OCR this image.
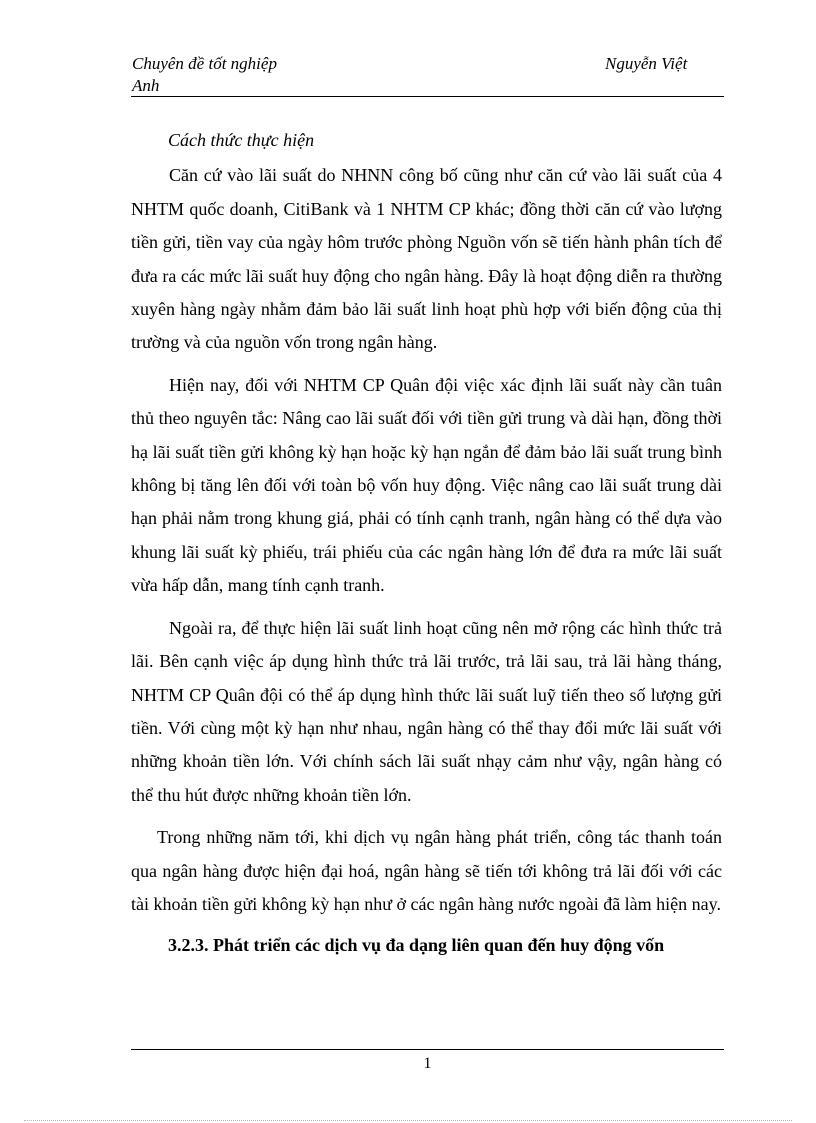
Chuyên đề tốt nghiệp
Anh
Nguyễn Việt

Cách thức thực hiện

Căn cứ vào lãi suất do NHNN công bố cũng như căn cứ vào lãi suất của 4 NHTM quốc doanh, CitiBank và 1 NHTM CP khác; đồng thời căn cứ vào lượng tiền gửi, tiền vay của ngày hôm trước phòng Nguồn vốn sẽ tiến hành phân tích để đưa ra các mức lãi suất huy động cho ngân hàng. Đây là hoạt động diễn ra thường xuyên hàng ngày nhằm đảm bảo lãi suất linh hoạt phù hợp với biến động của thị trường và của nguồn vốn trong ngân hàng.

Hiện nay, đối với NHTM CP Quân đội việc xác định lãi suất này cần tuân thủ theo nguyên tắc: Nâng cao lãi suất đối với tiền gửi trung và dài hạn, đồng thời hạ lãi suất tiền gửi không kỳ hạn hoặc kỳ hạn ngắn để đảm bảo lãi suất trung bình không bị tăng lên đối với toàn bộ vốn huy động. Việc nâng cao lãi suất trung dài hạn phải nằm trong khung giá, phải có tính cạnh tranh, ngân hàng có thể dựa vào khung lãi suất kỳ phiếu, trái phiếu của các ngân hàng lớn để đưa ra mức lãi suất vừa hấp dẫn, mang tính cạnh tranh.

Ngoài ra, để thực hiện lãi suất linh hoạt cũng nên mở rộng các hình thức trả lãi. Bên cạnh việc áp dụng hình thức trả lãi trước, trả lãi sau, trả lãi hàng tháng, NHTM CP Quân đội có thể áp dụng hình thức lãi suất luỹ tiến theo số lượng gửi tiền. Với cùng một kỳ hạn như nhau, ngân hàng có thể thay đổi mức lãi suất với những khoản tiền lớn. Với chính sách lãi suất nhạy cảm như vậy, ngân hàng có thể thu hút được những khoản tiền lớn.

Trong những năm tới, khi dịch vụ ngân hàng phát triển, công tác thanh toán qua ngân hàng được hiện đại hoá, ngân hàng sẽ tiến tới không trả lãi đối với các tài khoản tiền gửi không kỳ hạn như ở các ngân hàng nước ngoài đã làm hiện nay.

3.2.3. Phát triển các dịch vụ đa dạng liên quan đến huy động vốn

1
